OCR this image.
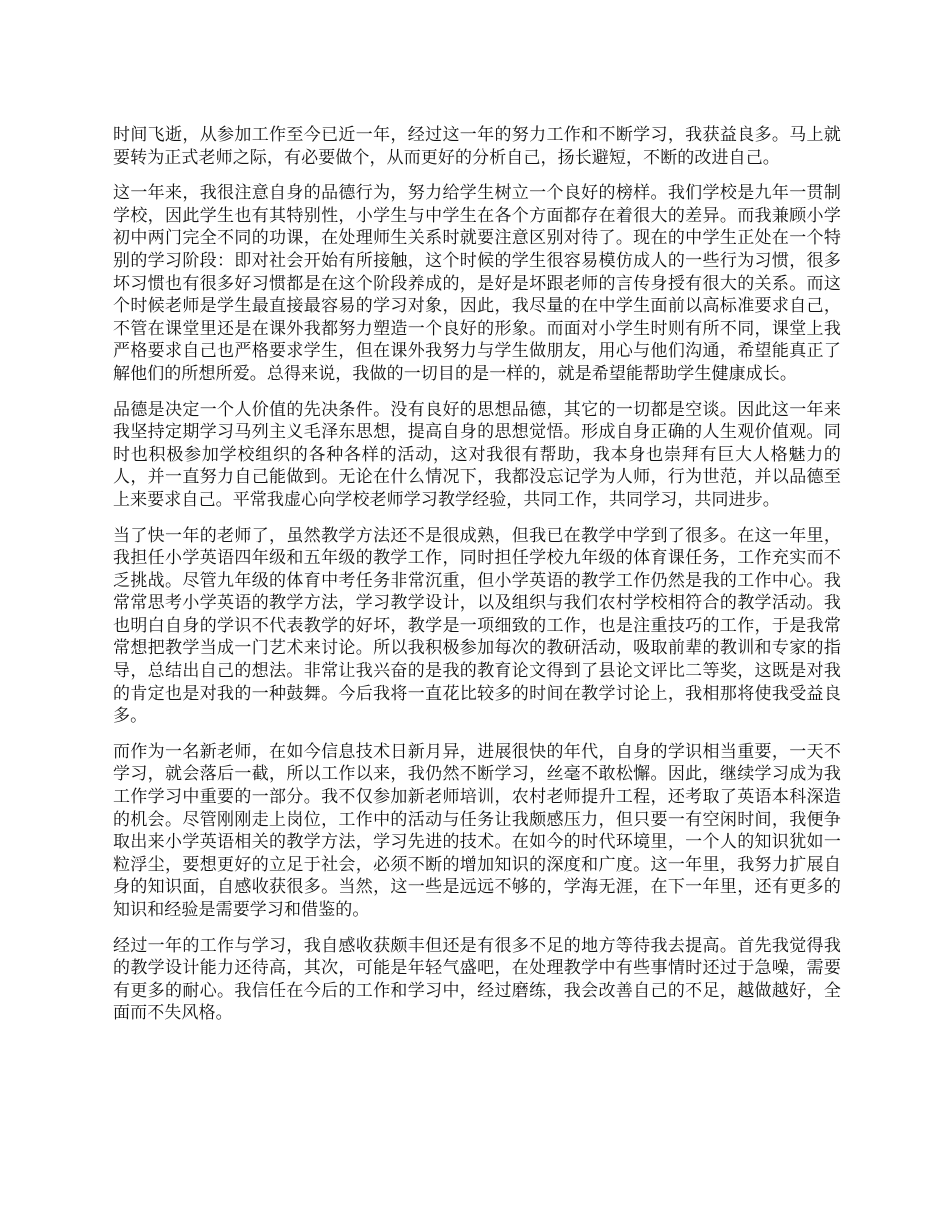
时间飞逝，从参加工作至今已近一年，经过这一年的努力工作和不断学习，我获益良多。马上就要转为正式老师之际，有必要做个，从而更好的分析自己，扬长避短，不断的改进自己。

这一年来，我很注意自身的品德行为，努力给学生树立一个良好的榜样。我们学校是九年一贯制学校，因此学生也有其特别性，小学生与中学生在各个方面都存在着很大的差异。而我兼顾小学初中两门完全不同的功课，在处理师生关系时就要注意区别对待了。现在的中学生正处在一个特别的学习阶段：即对社会开始有所接触，这个时候的学生很容易模仿成人的一些行为习惯，很多坏习惯也有很多好习惯都是在这个阶段养成的，是好是坏跟老师的言传身授有很大的关系。而这个时候老师是学生最直接最容易的学习对象，因此，我尽量的在中学生面前以高标准要求自己，不管在课堂里还是在课外我都努力塑造一个良好的形象。而面对小学生时则有所不同，课堂上我严格要求自己也严格要求学生，但在课外我努力与学生做朋友，用心与他们沟通，希望能真正了解他们的所想所爱。总得来说，我做的一切目的是一样的，就是希望能帮助学生健康成长。

品德是决定一个人价值的先决条件。没有良好的思想品德，其它的一切都是空谈。因此这一年来我坚持定期学习马列主义毛泽东思想，提高自身的思想觉悟。形成自身正确的人生观价值观。同时也积极参加学校组织的各种各样的活动，这对我很有帮助，我本身也崇拜有巨大人格魅力的人，并一直努力自己能做到。无论在什么情况下，我都没忘记学为人师，行为世范，并以品德至上来要求自己。平常我虚心向学校老师学习教学经验，共同工作，共同学习，共同进步。

当了快一年的老师了，虽然教学方法还不是很成熟，但我已在教学中学到了很多。在这一年里，我担任小学英语四年级和五年级的教学工作，同时担任学校九年级的体育课任务，工作充实而不乏挑战。尽管九年级的体育中考任务非常沉重，但小学英语的教学工作仍然是我的工作中心。我常常思考小学英语的教学方法，学习教学设计，以及组织与我们农村学校相符合的教学活动。我也明白自身的学识不代表教学的好坏，教学是一项细致的工作，也是注重技巧的工作，于是我常常想把教学当成一门艺术来讨论。所以我积极参加每次的教研活动，吸取前辈的教训和专家的指导，总结出自己的想法。非常让我兴奋的是我的教育论文得到了县论文评比二等奖，这既是对我的肯定也是对我的一种鼓舞。今后我将一直花比较多的时间在教学讨论上，我相那将使我受益良多。

而作为一名新老师，在如今信息技术日新月异，进展很快的年代，自身的学识相当重要，一天不学习，就会落后一截，所以工作以来，我仍然不断学习，丝毫不敢松懈。因此，继续学习成为我工作学习中重要的一部分。我不仅参加新老师培训，农村老师提升工程，还考取了英语本科深造的机会。尽管刚刚走上岗位，工作中的活动与任务让我颇感压力，但只要一有空闲时间，我便争取出来小学英语相关的教学方法，学习先进的技术。在如今的时代环境里，一个人的知识犹如一粒浮尘，要想更好的立足于社会，必须不断的增加知识的深度和广度。这一年里，我努力扩展自身的知识面，自感收获很多。当然，这一些是远远不够的，学海无涯，在下一年里，还有更多的知识和经验是需要学习和借鉴的。

经过一年的工作与学习，我自感收获颇丰但还是有很多不足的地方等待我去提高。首先我觉得我的教学设计能力还待高，其次，可能是年轻气盛吧，在处理教学中有些事情时还过于急噪，需要有更多的耐心。我信任在今后的工作和学习中，经过磨练，我会改善自己的不足，越做越好，全面而不失风格。
